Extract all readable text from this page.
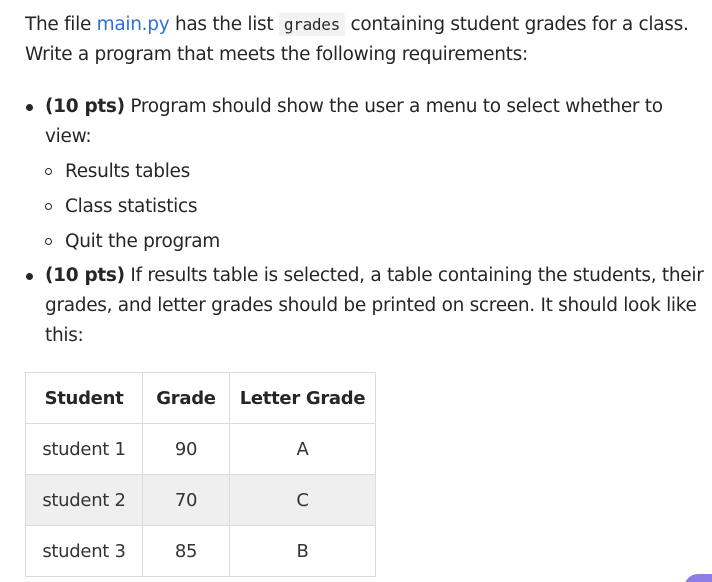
The file main.py has the list grades containing student grades for a class. Write a program that meets the following requirements:

(10 pts) Program should show the user a menu to select whether to view:
Results tables
Class statistics
Quit the program
(10 pts) If results table is selected, a table containing the students, their grades, and letter grades should be printed on screen. It should look like this:
Student	Grade	Letter Grade
student 1	90	A
student 2	70	C
student 3	85	B
